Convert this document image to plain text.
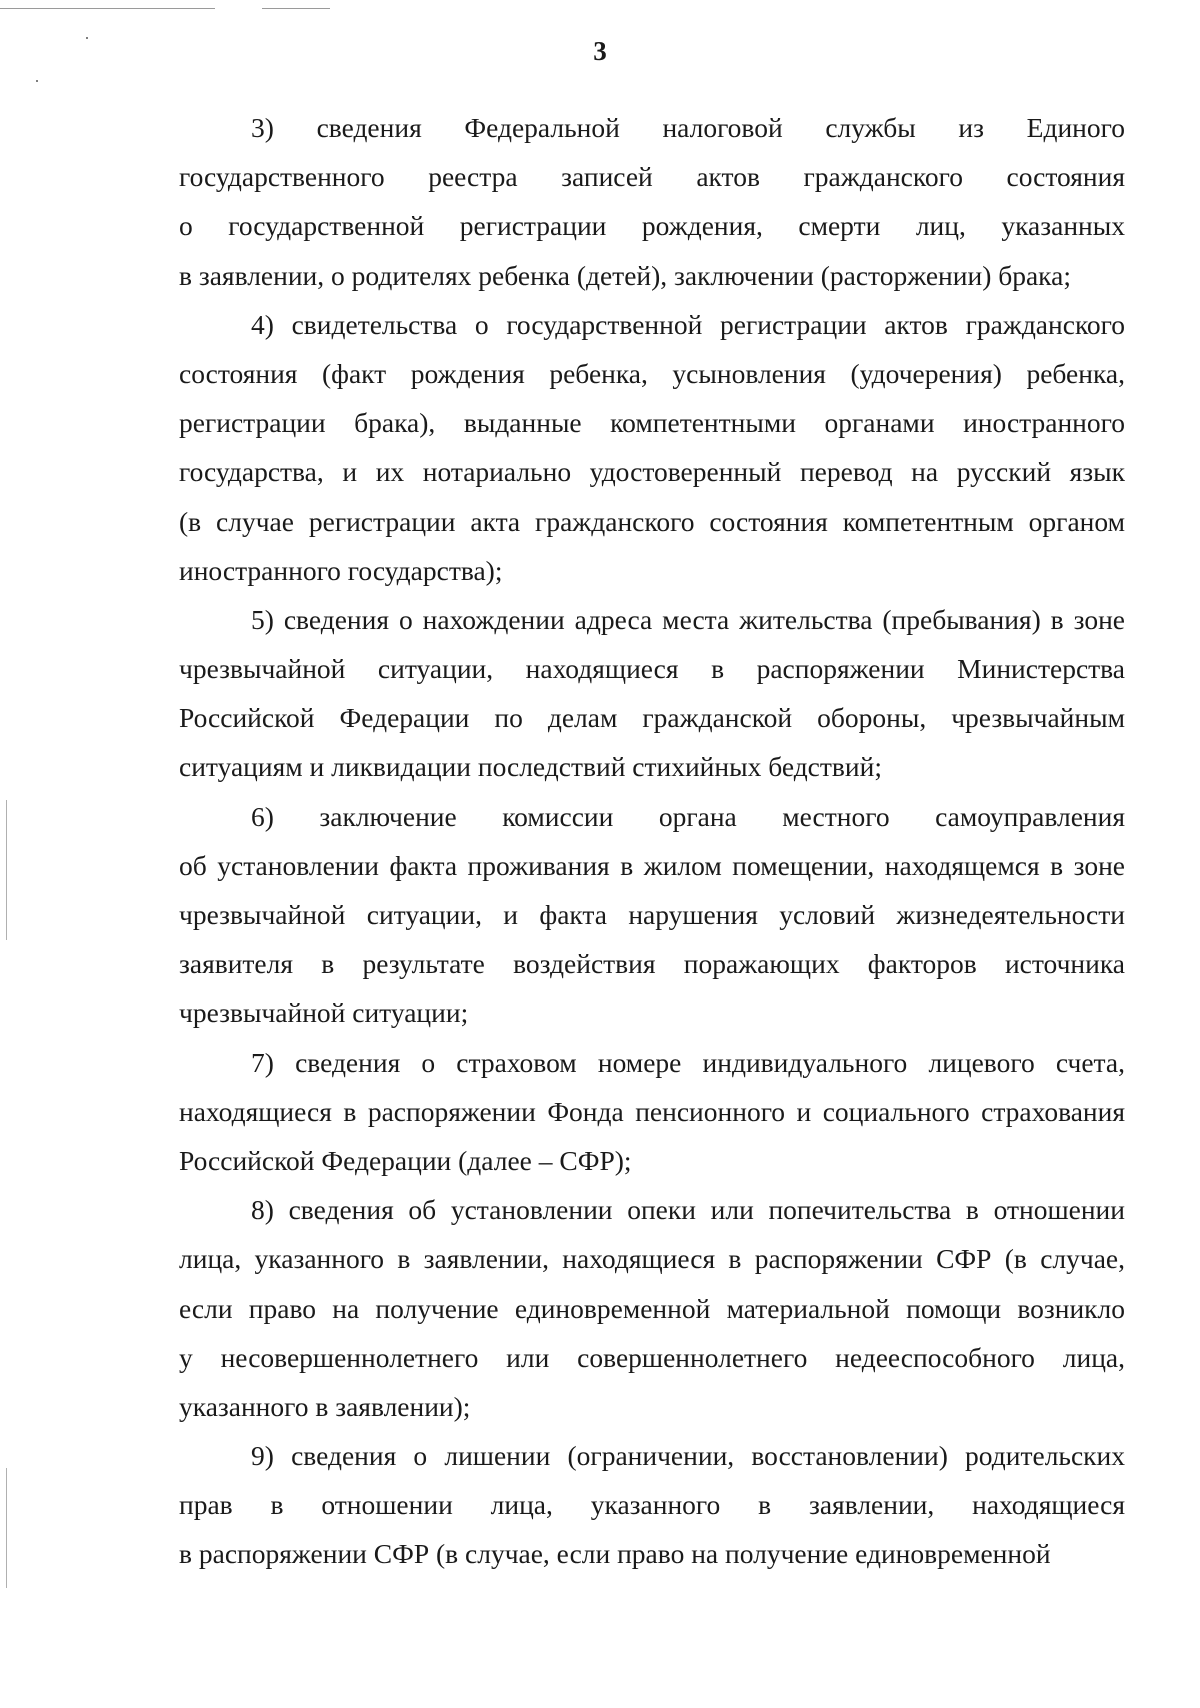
3
3) сведения Федеральной налоговой службы из Единого
государственного реестра записей актов гражданского состояния
о государственной регистрации рождения, смерти лиц, указанных
в заявлении, о родителях ребенка (детей), заключении (расторжении) брака;
4) свидетельства о государственной регистрации актов гражданского
состояния (факт рождения ребенка, усыновления (удочерения) ребенка,
регистрации брака), выданные компетентными органами иностранного
государства, и их нотариально удостоверенный перевод на русский язык
(в случае регистрации акта гражданского состояния компетентным органом
иностранного государства);
5) сведения о нахождении адреса места жительства (пребывания) в зоне
чрезвычайной ситуации, находящиеся в распоряжении Министерства
Российской Федерации по делам гражданской обороны, чрезвычайным
ситуациям и ликвидации последствий стихийных бедствий;
6) заключение комиссии органа местного самоуправления
об установлении факта проживания в жилом помещении, находящемся в зоне
чрезвычайной ситуации, и факта нарушения условий жизнедеятельности
заявителя в результате воздействия поражающих факторов источника
чрезвычайной ситуации;
7) сведения о страховом номере индивидуального лицевого счета,
находящиеся в распоряжении Фонда пенсионного и социального страхования
Российской Федерации (далее – СФР);
8) сведения об установлении опеки или попечительства в отношении
лица, указанного в заявлении, находящиеся в распоряжении СФР (в случае,
если право на получение единовременной материальной помощи возникло
у несовершеннолетнего или совершеннолетнего недееспособного лица,
указанного в заявлении);
9) сведения о лишении (ограничении, восстановлении) родительских
прав в отношении лица, указанного в заявлении, находящиеся
в распоряжении СФР (в случае, если право на получение единовременной
